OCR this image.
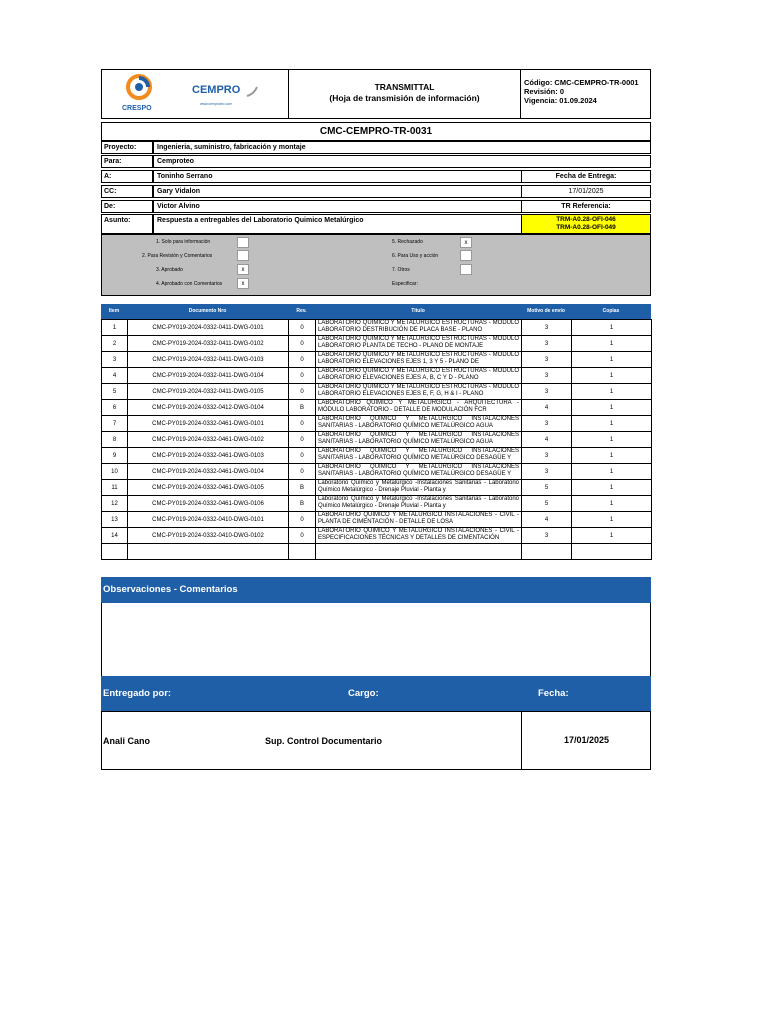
CRESPO
CEMPRO
www.cemprotec.com
TRANSMITTAL
(Hoja de transmisión de información)
Código: CMC-CEMPRO-TR-0001
Revisión: 0
Vigencia: 01.09.2024
CMC-CEMPRO-TR-0031
Proyecto:	Ingenieria, suministro, fabricación y montaje
Para:	Cemproteo
A:	Toninho Serrano	Fecha de Entrega:
CC:	Gary Vidalon	17/01/2025
De:	Victor Alvino	TR Referencia:
Asunto:	Respuesta a entregables del Laboratorio Quimico Metalúrgico	TRM-A0.28-OFI-046
TRM-A0.28-OFI-049
1. Solo para información
2. Para Revisión y Comentarios
3. Aprobado	x
4. Aprobado con Comentarios	x
5. Rechazado	x
6. Para Uso y acción
7. Otros
Especificar:
Item	Documento Nro	Rev.	Título	Motivo de envío	Copias
1	CMC-PY019-2024-0332-0411-DWG-0101	0	LABORATORIO QUÍMICO Y METALÚRGICO ESTRUCTURAS - MÓDULO LABORATORIO DESTRIBUCIÓN DE PLACA BASE - PLANO	3	1
2	CMC-PY019-2024-0332-0411-DWG-0102	0	LABORATORIO QUÍMICO Y METALÚRGICO ESTRUCTURAS - MÓDULO LABORATORIO PLANTA DE TECHO - PLANO DE MONTAJE	3	1
3	CMC-PY019-2024-0332-0411-DWG-0103	0	LABORATORIO QUÍMICO Y METALÚRGICO ESTRUCTURAS - MÓDULO LABORATORIO ELEVACIONES EJES 1, 3 Y 5 - PLANO DE	3	1
4	CMC-PY019-2024-0332-0411-DWG-0104	0	LABORATORIO QUÍMICO Y METALÚRGICO ESTRUCTURAS - MÓDULO LABORATORIO ELEVACIONES EJES A, B, C Y D - PLANO	3	1
5	CMC-PY019-2024-0332-0411-DWG-0105	0	LABORATORIO QUÍMICO Y METALÚRGICO ESTRUCTURAS - MÓDULO LABORATORIO ELEVACIONES EJES E, F, G, H & I - PLANO	3	1
6	CMC-PY019-2024-0332-0412-DWG-0104	B	LABORATORIO QUÍMICO Y METALÚRGICO - ARQUITECTURA - MÓDULO LABORATORIO - DETALLE DE MODULACIÓN FCR	4	1
7	CMC-PY019-2024-0332-0461-DWG-0101	0	LABORATORIO QUÍMICO Y METALÚRGICO INSTALACIONES SANITARIAS - LABORATORIO QUÍMICO METALÚRGICO AGUA	3	1
8	CMC-PY019-2024-0332-0461-DWG-0102	0	LABORATORIO QUÍMICO Y METALÚRGICO INSTALACIONES SANITARIAS - LABORATORIO QUÍMICO METALÚRGICO AGUA	4	1
9	CMC-PY019-2024-0332-0461-DWG-0103	0	LABORATORIO QUÍMICO Y METALÚRGICO INSTALACIONES SANITARIAS - LABORATORIO QUÍMICO METALÚRGICO DESAGÜE Y	3	1
10	CMC-PY019-2024-0332-0461-DWG-0104	0	LABORATORIO QUÍMICO Y METALÚRGICO INSTALACIONES SANITARIAS - LABORATORIO QUÍMICO METALÚRGICO DESAGÜE Y	3	1
11	CMC-PY019-2024-0332-0461-DWG-0105	B	Laboratorio Químico y Metalúrgico -Instalaciones Sanitarias - Laboratorio Químico Metalúrgico - Drenaje Pluvial - Planta y	5	1
12	CMC-PY019-2024-0332-0461-DWG-0106	B	Laboratorio Químico y Metalúrgico -Instalaciones Sanitarias - Laboratorio Químico Metalúrgico - Drenaje Pluvial - Planta y	5	1
13	CMC-PY019-2024-0332-0410-DWG-0101	0	LABORATORIO QUÍMICO Y METALÚRGICO INSTALACIONES - CIVIL - PLANTA DE CIMENTACIÓN - DETALLE DE LOSA	4	1
14	CMC-PY019-2024-0332-0410-DWG-0102	0	LABORATORIO QUÍMICO Y METALÚRGICO INSTALACIONES - CIVIL - ESPECIFICACIONES TÉCNICAS Y DETALLES DE CIMENTACIÓN	3	1

Observaciones - Comentarios
Entregado por:	Cargo:	Fecha:
Anali Cano	Sup. Control Documentario	17/01/2025
